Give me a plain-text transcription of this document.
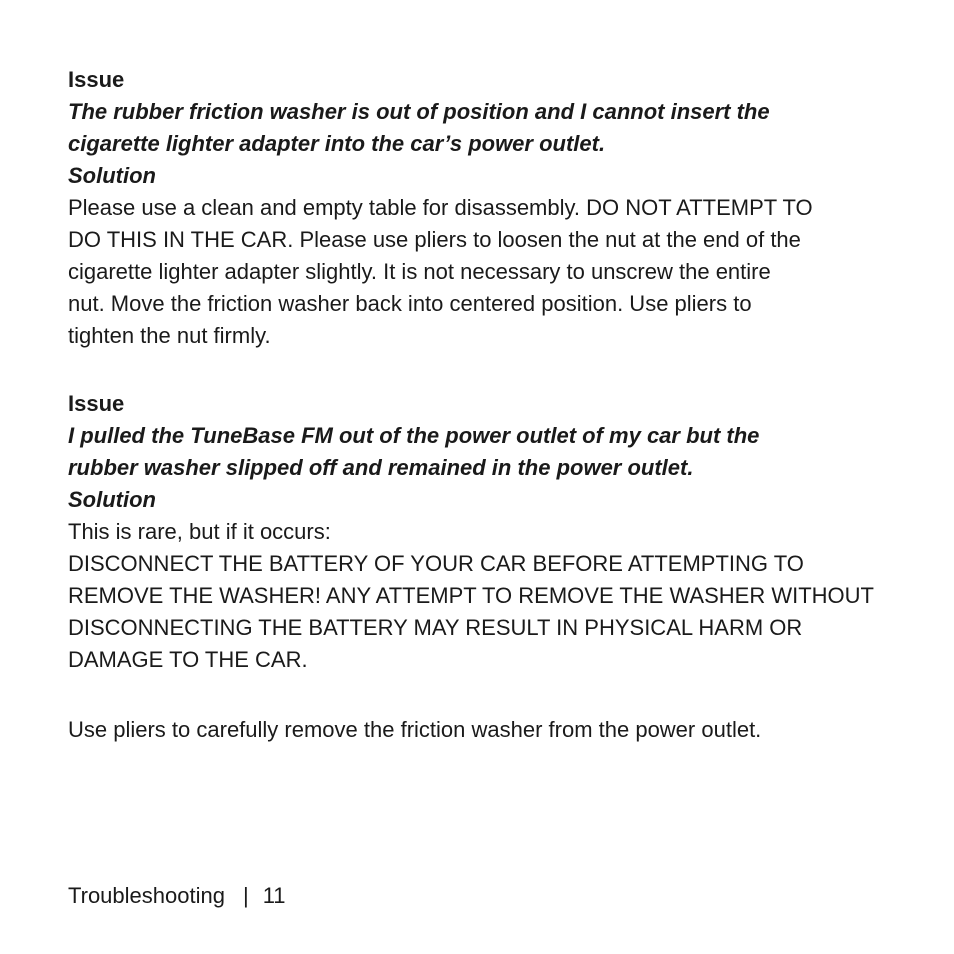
Issue

The rubber friction washer is out of position and I cannot insert the

cigarette lighter adapter into the car’s power outlet.

Solution

Please use a clean and empty table for disassembly. DO NOT ATTEMPT TO

DO THIS IN THE CAR. Please use pliers to loosen the nut at the end of the

cigarette lighter adapter slightly. It is not necessary to unscrew the entire

nut. Move the friction washer back into centered position. Use pliers to

tighten the nut firmly.

Issue

I pulled the TuneBase FM out of the power outlet of my car but the

rubber washer slipped off and remained in the power outlet.

Solution

This is rare, but if it occurs:

DISCONNECT THE BATTERY OF YOUR CAR BEFORE ATTEMPTING TO

REMOVE THE WASHER! ANY ATTEMPT TO REMOVE THE WASHER WITHOUT

DISCONNECTING THE BATTERY MAY RESULT IN PHYSICAL HARM OR

DAMAGE TO THE CAR.

Use pliers to carefully remove the friction washer from the power outlet.

Troubleshooting | 11
